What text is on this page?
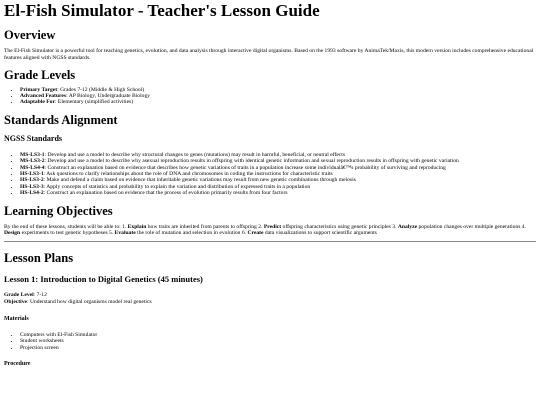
El-Fish Simulator - Teacher's Lesson Guide
Overview

The El-Fish Simulator is a powerful tool for teaching genetics, evolution, and data analysis through interactive digital organisms. Based on the 1993 software by AnimaTek/Maxis, this modern version includes comprehensive educational features aligned with NGSS standards.

Grade Levels
• Primary Target: Grades 7-12 (Middle & High School)
• Advanced Features: AP Biology, Undergraduate Biology
• Adaptable For: Elementary (simplified activities)
Standards Alignment
NGSS Standards
• MS-LS3-1: Develop and use a model to describe why structural changes to genes (mutations) may result in harmful, beneficial, or neutral effects
• MS-LS3-2: Develop and use a model to describe why asexual reproduction results in offspring with identical genetic information and sexual reproduction results in offspring with genetic variation
• MS-LS4-4: Construct an explanation based on evidence that describes how genetic variations of traits in a population increase some individualâ€™s probability of surviving and reproducing
• HS-LS3-1: Ask questions to clarify relationships about the role of DNA and chromosomes in coding the instructions for characteristic traits
• HS-LS3-2: Make and defend a claim based on evidence that inheritable genetic variations may result from new genetic combinations through meiosis
• HS-LS3-3: Apply concepts of statistics and probability to explain the variation and distribution of expressed traits in a population
• HS-LS4-2: Construct an explanation based on evidence that the process of evolution primarily results from four factors
Learning Objectives

By the end of these lessons, students will be able to: 1. Explain how traits are inherited from parents to offspring 2. Predict offspring characteristics using genetic principles 3. Analyze population changes over multiple generations 4. Design experiments to test genetic hypotheses 5. Evaluate the role of mutation and selection in evolution 6. Create data visualizations to support scientific arguments

Lesson Plans
Lesson 1: Introduction to Digital Genetics (45 minutes)

Grade Level: 7-12

Objective: Understand how digital organisms model real genetics

Materials
• Computers with El-Fish Simulator
• Student worksheets
• Projection screen
Procedure
